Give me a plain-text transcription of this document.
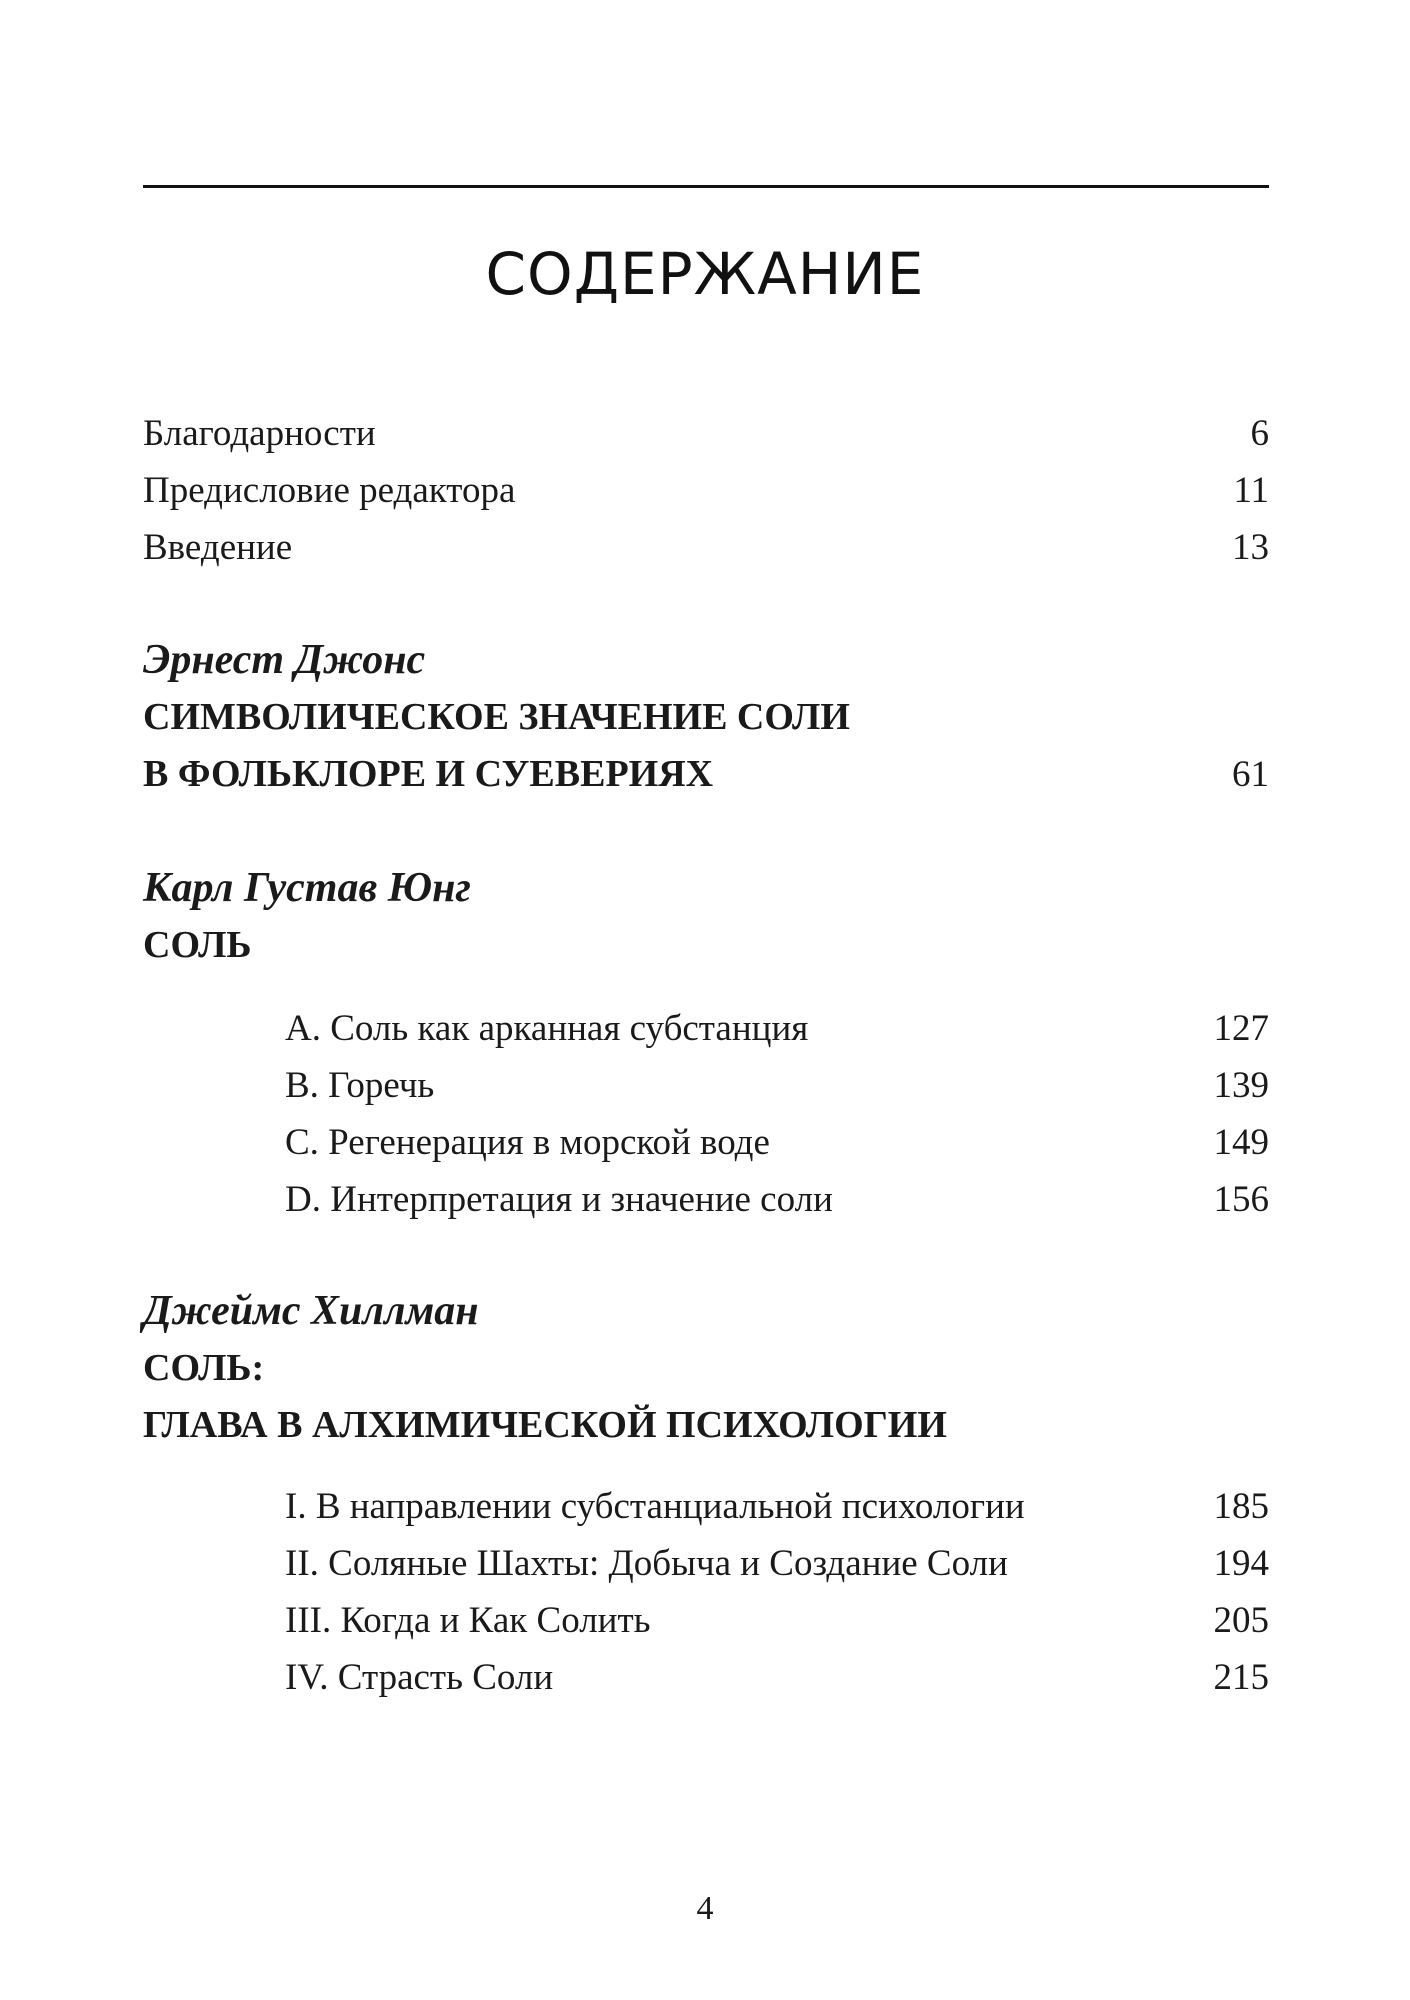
СОДЕРЖАНИЕ
Благодарности	6
Предисловие редактора	11
Введение	13
Эрнест Джонс
СИМВОЛИЧЕСКОЕ ЗНАЧЕНИЕ СОЛИ
В ФОЛЬКЛОРЕ И СУЕВЕРИЯХ	61
Карл Густав Юнг
СОЛЬ
A. Соль как арканная субстанция	127
B. Горечь	139
C. Регенерация в морской воде	149
D. Интерпретация и значение соли	156
Джеймс Хиллман
СОЛЬ:
ГЛАВА В АЛХИМИЧЕСКОЙ ПСИХОЛОГИИ
I. В направлении субстанциальной психологии	185
II. Соляные Шахты: Добыча и Создание Соли	194
III. Когда и Как Солить	205
IV. Страсть Соли	215
4
